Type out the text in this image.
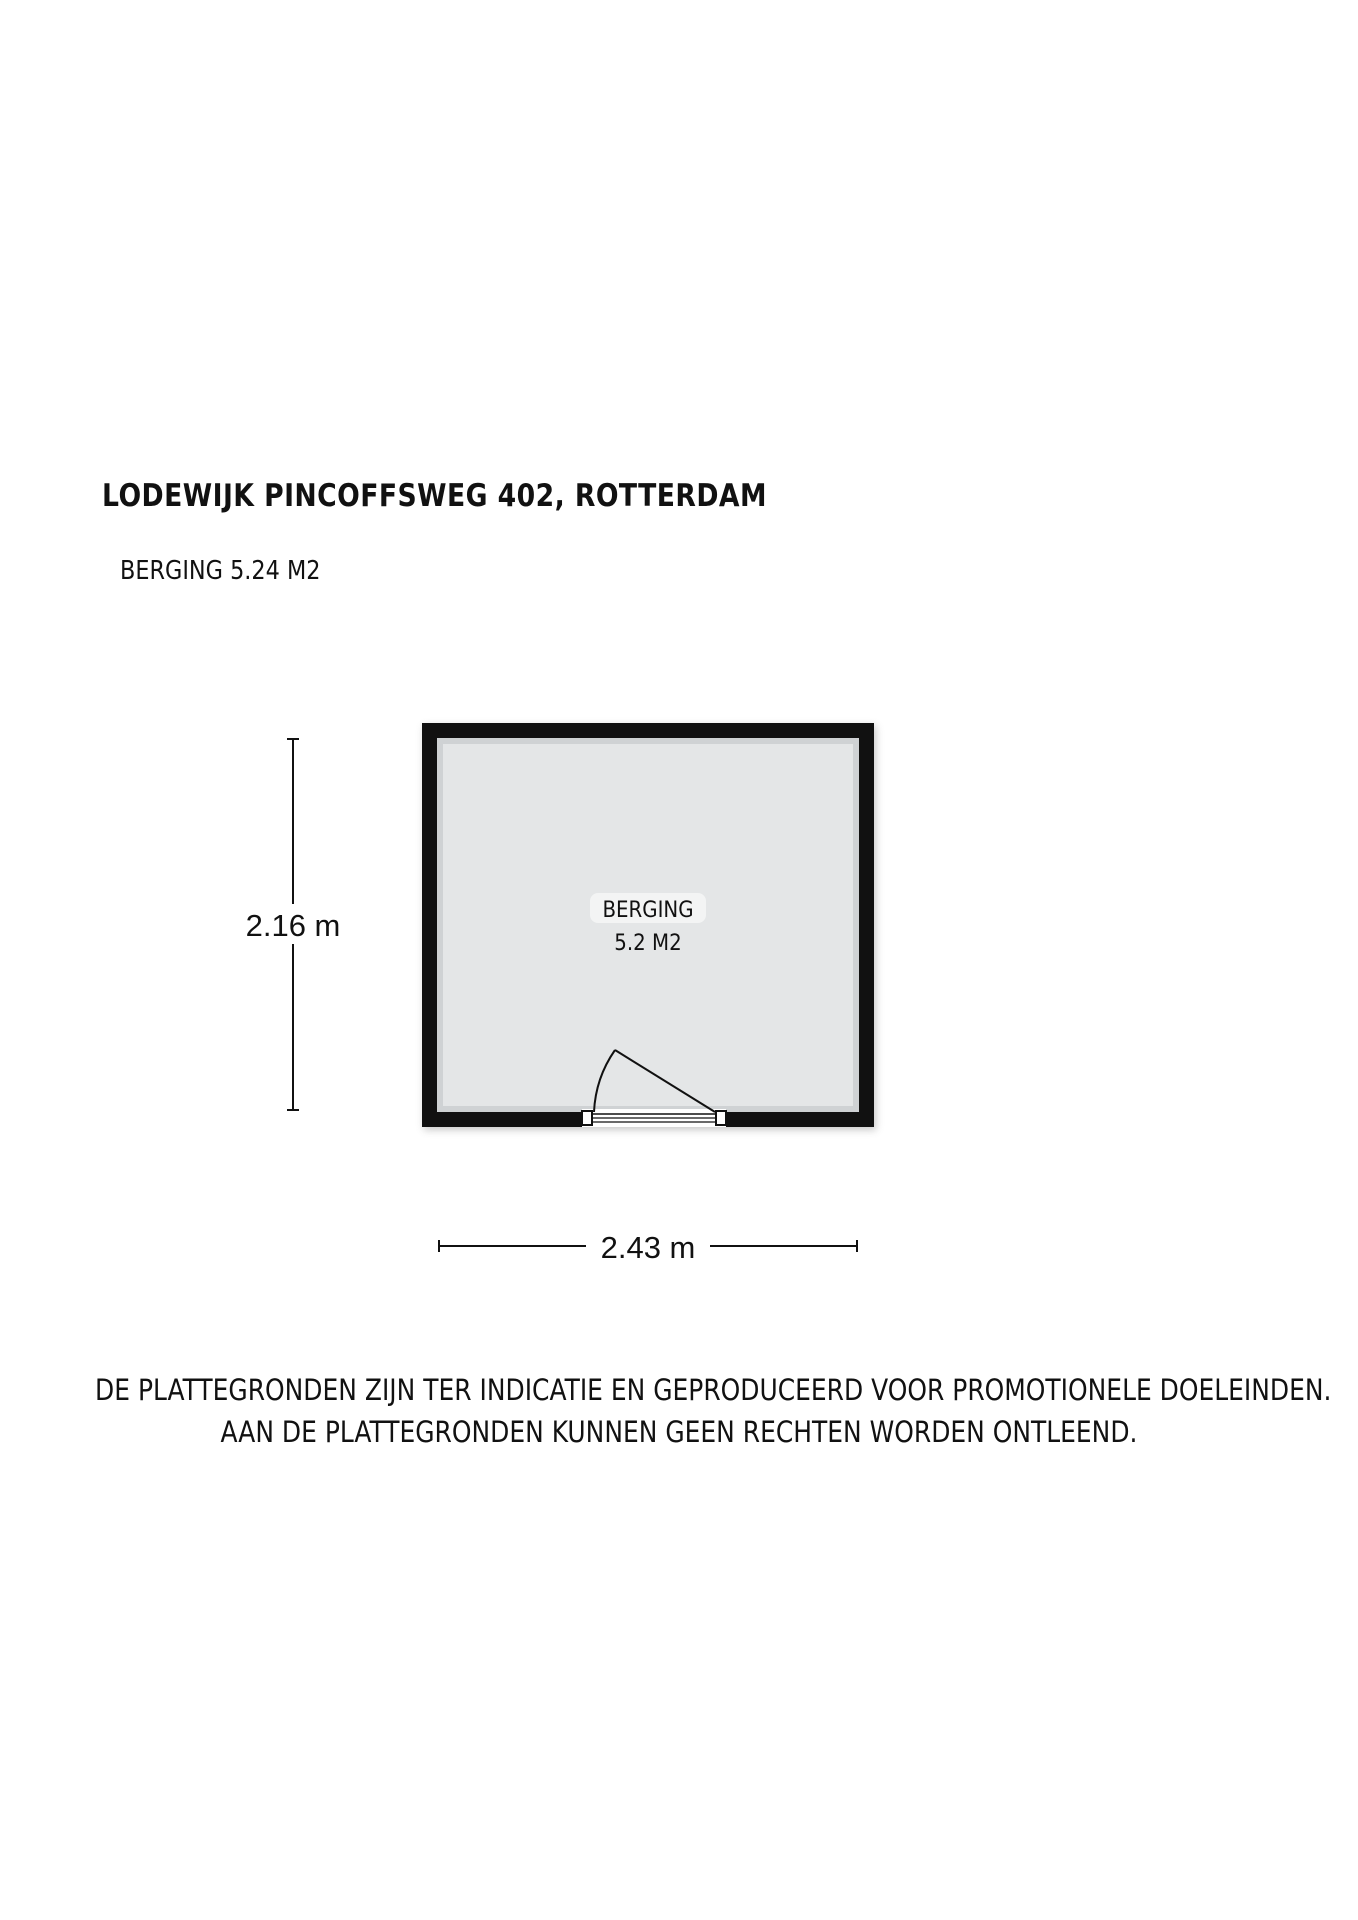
LODEWIJK PINCOFFSWEG 402, ROTTERDAM
BERGING 5.24 M2
BERGING
5.2 M2
2.16 m
2.43 m
DE PLATTEGRONDEN ZIJN TER INDICATIE EN GEPRODUCEERD VOOR PROMOTIONELE DOELEINDEN.
AAN DE PLATTEGRONDEN KUNNEN GEEN RECHTEN WORDEN ONTLEEND.
